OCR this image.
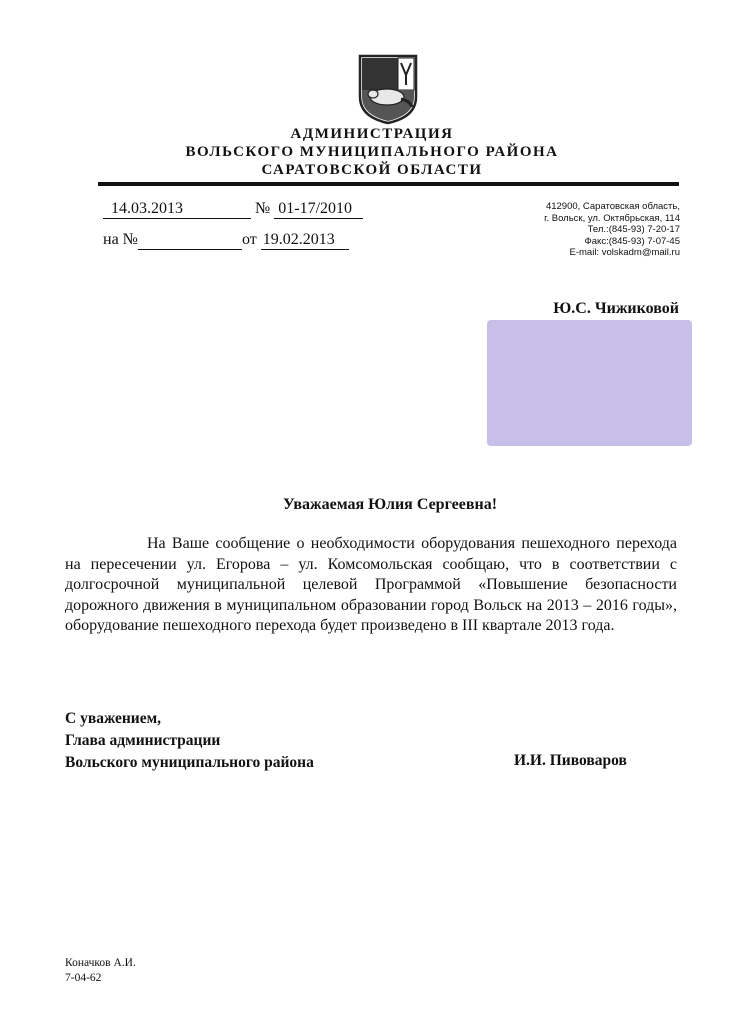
АДМИНИСТРАЦИЯ
ВОЛЬСКОГО МУНИЦИПАЛЬНОГО РАЙОНА
САРАТОВСКОЙ ОБЛАСТИ
14.03.2013	№ 01-17/2010
на №	от 19.02.2013
412900, Саратовская область,
г. Вольск, ул. Октябрьская, 114
Тел.:(845-93) 7-20-17
Факс:(845-93) 7-07-45
E-mail: volskadm@mail.ru
Ю.С. Чижиковой
Уважаемая Юлия Сергеевна!
На Ваше сообщение о необходимости оборудования пешеходного перехода на пересечении ул. Егорова – ул. Комсомольская сообщаю, что в соответствии с долгосрочной муниципальной целевой Программой «Повышение безопасности дорожного движения в муниципальном образовании город Вольск на 2013 – 2016 годы», оборудование пешеходного перехода будет произведено в III квартале 2013 года.
С уважением,
Глава администрации
Вольского муниципального района	И.И. Пивоваров
Коначков А.И.
7-04-62
